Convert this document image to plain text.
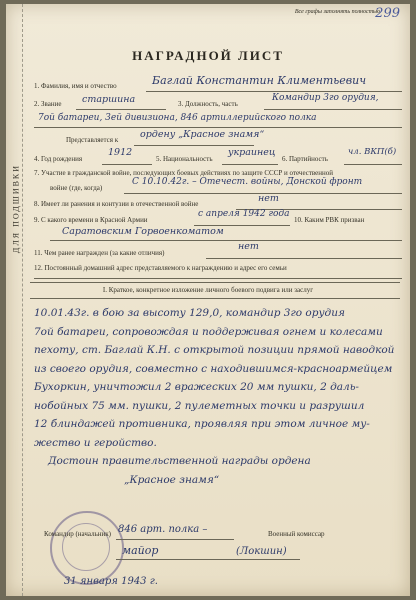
ДЛЯ ПОДШИВКИ
Все графы заполнять полностью
299
НАГРАДНОЙ ЛИСТ
1. Фамилия, имя и отчество	Баглай Константин Климентьевич
2. Звание старшина	3. Должность, часть
Командир 3го орудия,
7ой батареи, 3ей дивизиона, 846 артиллерийского полка
Представляется к ордену „Красное знамя“
4. Год рождения
1912
5. Национальность
украинец
6. Партийность
чл. ВКП(б)
7. Участие в гражданской войне, последующих боевых действиях по защите СССР и отечественной
войне (где, когда)
С 10.10.42г. – Отечест. войны, Донской фронт
8. Имеет ли ранения и контузии в отечественной войне	нет
9. С какого времени в Красной Армии
с апреля 1942 года
10. Каким РВК призван
Саратовским Горвоенкоматом
11. Чем ранее награжден (за какие отличия)
нет
12. Постоянный домашний адрес представляемого к награждению и адрес его семьи
I. Краткое, конкретное изложение личного боевого подвига или заслуг
10.01.43г. в бою за высоту 129,0, командир 3го орудия
7ой батареи, сопровождая и поддерживая огнем и колесами
пехоту, ст. Баглай К.Н. с открытой позиции прямой наводкой
из своего орудия, совместно с находившимся-красноармейцем
Бухоркин, уничтожил 2 вражеских 20 мм пушки, 2 даль-
нобойных 75 мм. пушки, 2 пулеметных точки и разрушил
12 блиндажей противника, проявляя при этом личное му-
жество и геройство.
Достоин правительственной награды ордена
„Красное знамя“
Командир (начальник) 846 арт. полка –	Военный комиссар
майор	(Локшин)
31 января 1943 г.
